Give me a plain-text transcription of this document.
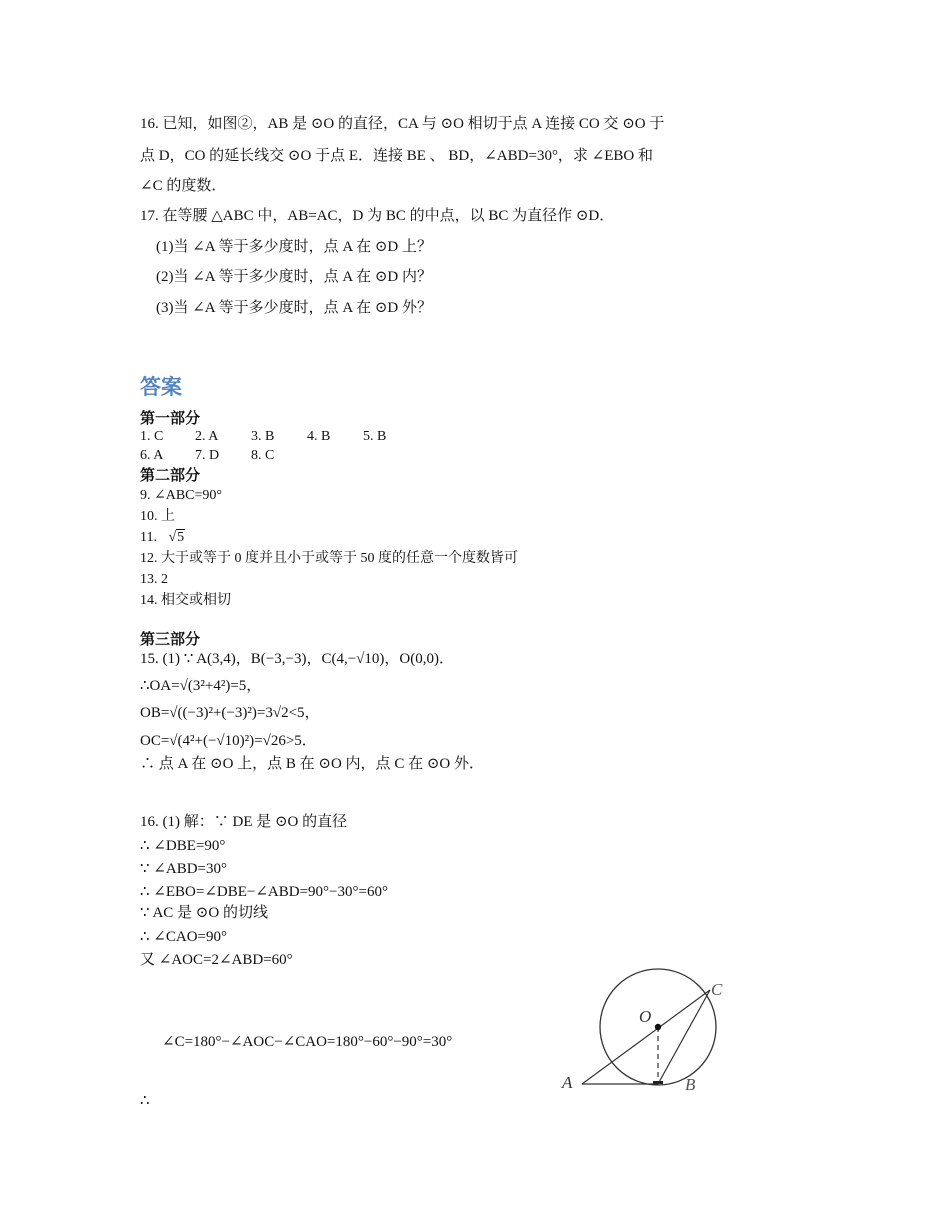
16. 已知，如图②，AB 是 ⊙O 的直径，CA 与 ⊙O 相切于点 A 连接 CO 交 ⊙O 于
点 D，CO 的延长线交 ⊙O 于点 E．连接 BE 、 BD，∠ABD=30°，求 ∠EBO 和
∠C 的度数．
17. 在等腰 △ABC 中，AB=AC，D 为 BC 的中点，以 BC 为直径作 ⊙D．
(1)当 ∠A 等于多少度时，点 A 在 ⊙D 上？
(2)当 ∠A 等于多少度时，点 A 在 ⊙D 内？
(3)当 ∠A 等于多少度时，点 A 在 ⊙D 外？
答案
第一部分
1. C 2. A 3. B 4. B 5. B
6. A 7. D 8. C
第二部分
9. ∠ABC=90°
10. 上
11. √5
12. 大于或等于 0 度并且小于或等于 50 度的任意一个度数皆可
13. 2
14. 相交或相切
第三部分
15. (1) ∵ A(3,4)，B(−3,−3)，C(4,−√10)，O(0,0)．
∴OA=√(3²+4²)=5，
OB=√((−3)²+(−3)²)=3√2<5，
OC=√(4²+(−√10)²)=√26>5．
∴ 点 A 在 ⊙O 上，点 B 在 ⊙O 内，点 C 在 ⊙O 外．
16. (1) 解：∵ DE 是 ⊙O 的直径
∴ ∠DBE=90°
∵ ∠ABD=30°
∴ ∠EBO=∠DBE−∠ABD=90°−30°=60°
∵ AC 是 ⊙O 的切线
∴ ∠CAO=90°
又 ∠AOC=2∠ABD=60°
∠C=180°−∠AOC−∠CAO=180°−60°−90°=30°
∴
O
C
A	B
